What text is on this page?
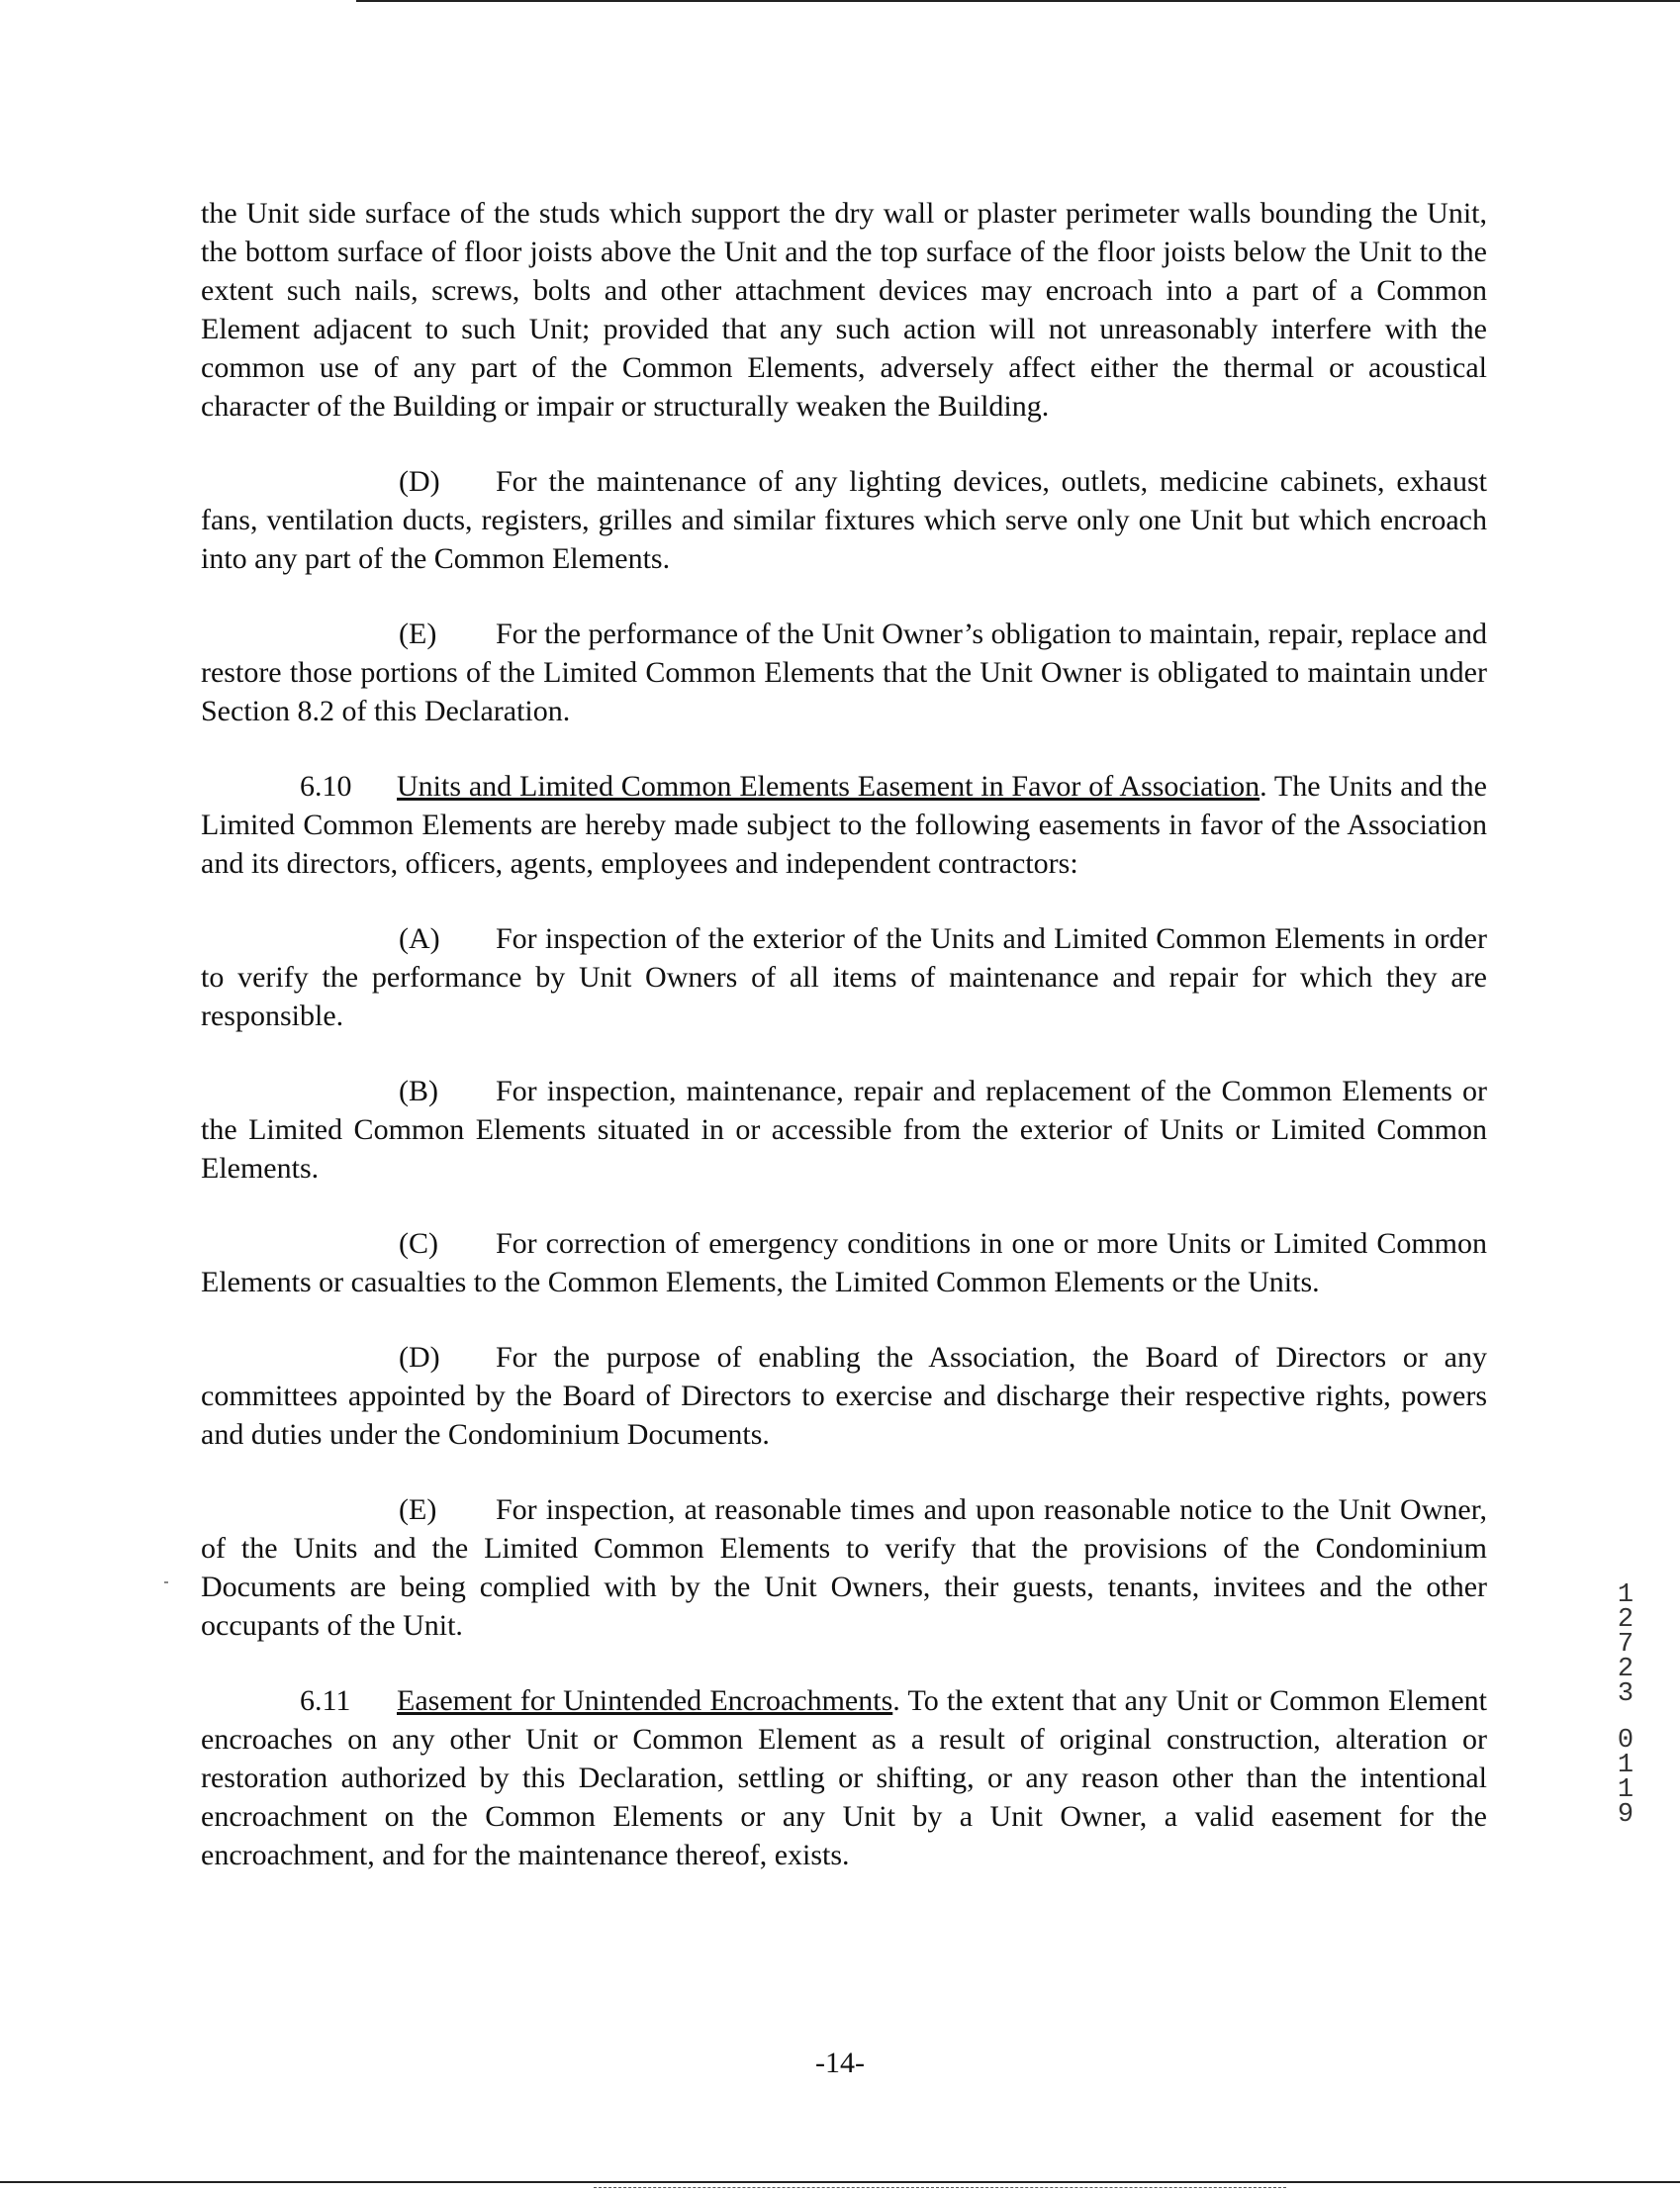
the Unit side surface of the studs which support the dry wall or plaster perimeter walls bounding the Unit, the bottom surface of floor joists above the Unit and the top surface of the floor joists below the Unit to the extent such nails, screws, bolts and other attachment devices may encroach into a part of a Common Element adjacent to such Unit; provided that any such action will not unreasonably interfere with the common use of any part of the Common Elements, adversely affect either the thermal or acoustical character of the Building or impair or structurally weaken the Building.

(D) For the maintenance of any lighting devices, outlets, medicine cabinets, exhaust fans, ventilation ducts, registers, grilles and similar fixtures which serve only one Unit but which encroach into any part of the Common Elements.

(E) For the performance of the Unit Owner’s obligation to maintain, repair, replace and restore those portions of the Limited Common Elements that the Unit Owner is obligated to maintain under Section 8.2 of this Declaration.

6.10 Units and Limited Common Elements Easement in Favor of Association. The Units and the Limited Common Elements are hereby made subject to the following easements in favor of the Association and its directors, officers, agents, employees and independent contractors:

(A) For inspection of the exterior of the Units and Limited Common Elements in order to verify the performance by Unit Owners of all items of maintenance and repair for which they are responsible.

(B) For inspection, maintenance, repair and replacement of the Common Elements or the Limited Common Elements situated in or accessible from the exterior of Units or Limited Common Elements.

(C) For correction of emergency conditions in one or more Units or Limited Common Elements or casualties to the Common Elements, the Limited Common Elements or the Units.

(D) For the purpose of enabling the Association, the Board of Directors or any committees appointed by the Board of Directors to exercise and discharge their respective rights, powers and duties under the Condominium Documents.

(E) For inspection, at reasonable times and upon reasonable notice to the Unit Owner, of the Units and the Limited Common Elements to verify that the provisions of the Condominium Documents are being complied with by the Unit Owners, their guests, tenants, invitees and the other occupants of the Unit.

6.11 Easement for Unintended Encroachments. To the extent that any Unit or Common Element encroaches on any other Unit or Common Element as a result of original construction, alteration or restoration authorized by this Declaration, settling or shifting, or any reason other than the intentional encroachment on the Common Elements or any Unit by a Unit Owner, a valid easement for the encroachment, and for the maintenance thereof, exists.

1
2
7
2
3
0
1
1
9
-14-
